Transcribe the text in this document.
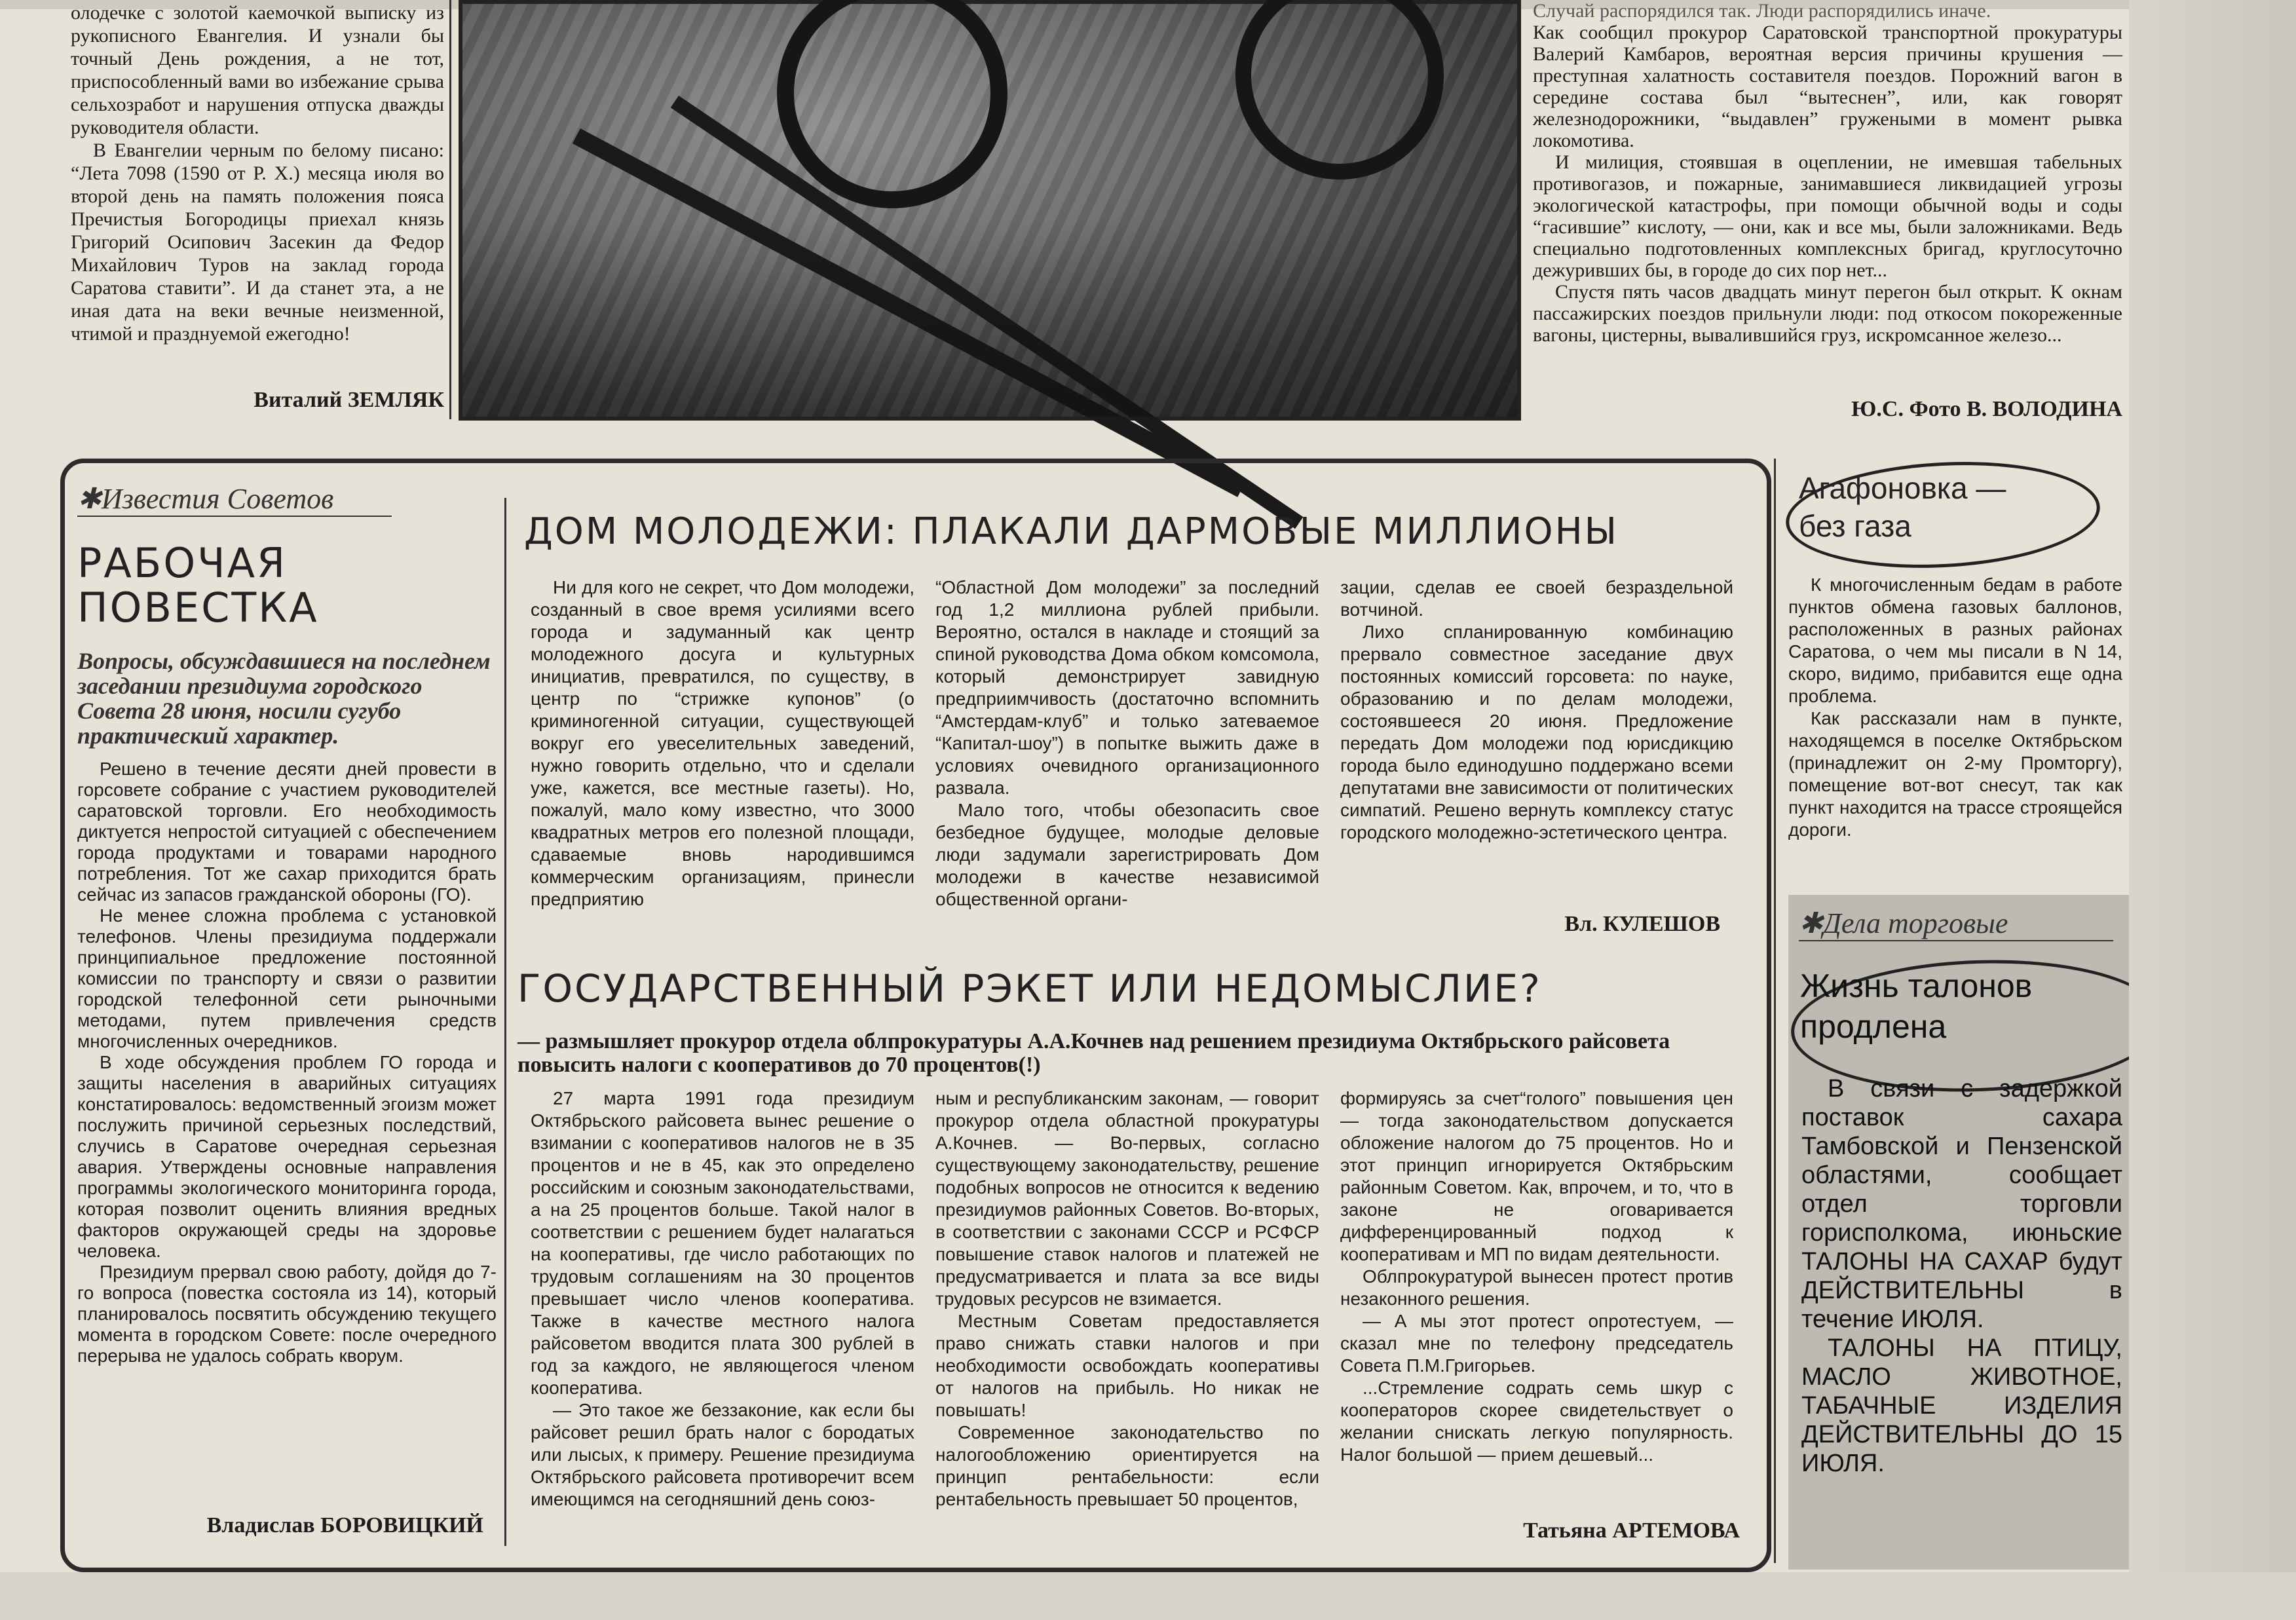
олодечке с золотой каемочкой выписку из рукописного Евангелия. И узнали бы точный День рождения, а не тот, приспособленный вами во избежание срыва сельхозработ и нарушения отпуска дважды руководителя области.

В Евангелии черным по белому писано: “Лета 7098 (1590 от Р. Х.) месяца июля во второй день на память положения пояса Пречистыя Богородицы приехал князь Григорий Осипович Засекин да Федор Михайлович Туров на заклад города Саратова ставити”. И да станет эта, а не иная дата на веки вечные неизменной, чтимой и празднуемой ежегодно!

Виталий ЗЕМЛЯК

Случай распорядился так. Люди распорядились иначе.

Как сообщил прокурор Саратовской транспортной прокуратуры Валерий Камбаров, вероятная версия причины крушения — преступная халатность составителя поездов. Порожний вагон в середине состава был “вытеснен”, или, как говорят железнодорожники, “выдавлен” гружеными в момент рывка локомотива.

И милиция, стоявшая в оцеплении, не имевшая табельных противогазов, и пожарные, занимавшиеся ликвидацией угрозы экологической катастрофы, при помощи обычной воды и соды “гасившие” кислоту, — они, как и все мы, были заложниками. Ведь специально подготовленных комплексных бригад, круглосуточно дежуривших бы, в городе до сих пор нет...

Спустя пять часов двадцать минут перегон был открыт. К окнам пассажирских поездов прильнули люди: под откосом покореженные вагоны, цистерны, вывалившийся груз, искромсанное железо...

Ю.С. Фото В. ВОЛОДИНА
✱Известия Советов
РАБОЧАЯ
ПОВЕСТКА
Вопросы, обсуждавшиеся на последнем заседании президиума городского Совета 28 июня, носили сугубо практический характер.

Решено в течение десяти дней провести в горсовете собрание с участием руководителей саратовской торговли. Его необходимость диктуется непростой ситуацией с обеспечением города продуктами и товарами народного потребления. Тот же сахар приходится брать сейчас из запасов гражданской обороны (ГО).

Не менее сложна проблема с установкой телефонов. Члены президиума поддержали принципиальное предложение постоянной комиссии по транспорту и связи о развитии городской телефонной сети рыночными методами, путем привлечения средств многочисленных очередников.

В ходе обсуждения проблем ГО города и защиты населения в аварийных ситуациях констатировалось: ведомственный эгоизм может послужить причиной серьезных последствий, случись в Саратове очередная серьезная авария. Утверждены основные направления программы экологического мониторинга города, которая позволит оценить влияния вредных факторов окружающей среды на здоровье человека.

Президиум прервал свою работу, дойдя до 7-го вопроса (повестка состояла из 14), который планировалось посвятить обсуждению текущего момента в городском Совете: после очередного перерыва не удалось собрать кворум.

Владислав БОРОВИЦКИЙ
ДОМ МОЛОДЕЖИ: ПЛАКАЛИ ДАРМОВЫЕ МИЛЛИОНЫ

Ни для кого не секрет, что Дом молодежи, созданный в свое время усилиями всего города и задуманный как центр молодежного досуга и культурных инициатив, превратился, по существу, в центр по “стрижке купонов” (о криминогенной ситуации, существующей вокруг его увеселительных заведений, нужно говорить отдельно, что и сделали уже, кажется, все местные газеты). Но, пожалуй, мало кому известно, что 3000 квадратных метров его полезной площади, сдаваемые вновь народившимся коммерческим организациям, принесли предприятию

“Областной Дом молодежи” за последний год 1,2 миллиона рублей прибыли. Вероятно, остался в накладе и стоящий за спиной руководства Дома обком комсомола, который демонстрирует завидную предприимчивость (достаточно вспомнить “Амстердам-клуб” и только затеваемое “Капитал-шоу”) в попытке выжить даже в условиях очевидного организационного развала.

Мало того, чтобы обезопасить свое безбедное будущее, молодые деловые люди задумали зарегистрировать Дом молодежи в качестве независимой общественной органи-

зации, сделав ее своей безраздельной вотчиной.

Лихо спланированную комбинацию прервало совместное заседание двух постоянных комиссий горсовета: по науке, образованию и по делам молодежи, состоявшееся 20 июня. Предложение передать Дом молодежи под юрисдикцию города было единодушно поддержано всеми депутатами вне зависимости от политических симпатий. Решено вернуть комплексу статус городского молодежно-эстетического центра.

Вл. КУЛЕШОВ
ГОСУДАРСТВЕННЫЙ РЭКЕТ ИЛИ НЕДОМЫСЛИЕ?
— размышляет прокурор отдела облпрокуратуры А.А.Кочнев над решением президиума Октябрьского райсовета повысить налоги с кооперативов до 70 процентов(!)

27 марта 1991 года президиум Октябрьского райсовета вынес решение о взимании с кооперативов налогов не в 35 процентов и не в 45, как это определено российским и союзным законодательствами, а на 25 процентов больше. Такой налог в соответствии с решением будет налагаться на кооперативы, где число работающих по трудовым соглашениям на 30 процентов превышает число членов кооператива. Также в качестве местного налога райсоветом вводится плата 300 рублей в год за каждого, не являющегося членом кооператива.

— Это такое же беззаконие, как если бы райсовет решил брать налог с бородатых или лысых, к примеру. Решение президиума Октябрьского райсовета противоречит всем имеющимся на сегодняшний день союз-

ным и республиканским законам, — говорит прокурор отдела областной прокуратуры А.Кочнев. — Во-первых, согласно существующему законодательству, решение подобных вопросов не относится к ведению президиумов районных Советов. Во-вторых, в соответствии с законами СССР и РСФСР повышение ставок налогов и платежей не предусматривается и плата за все виды трудовых ресурсов не взимается.

Местным Советам предоставляется право снижать ставки налогов и при необходимости освобождать кооперативы от налогов на прибыль. Но никак не повышать!

Современное законодательство по налогообложению ориентируется на принцип рентабельности: если рентабельность превышает 50 процентов,

формируясь за счет“голого” повышения цен — тогда законодательством допускается обложение налогом до 75 процентов. Но и этот принцип игнорируется Октябрьским районным Советом. Как, впрочем, и то, что в законе не оговаривается дифференцированный подход к кооперативам и МП по видам деятельности.

Облпрокуратурой вынесен протест против незаконного решения.

— А мы этот протест опротестуем, — сказал мне по телефону председатель Совета П.М.Григорьев.

...Стремление содрать семь шкур с кооператоров скорее свидетельствует о желании снискать легкую популярность. Налог большой — прием дешевый...

Татьяна АРТЕМОВА
Агафоновка —
без газа

К многочисленным бедам в работе пунктов обмена газовых баллонов, расположенных в разных районах Саратова, о чем мы писали в N 14, скоро, видимо, прибавится еще одна проблема.

Как рассказали нам в пункте, находящемся в поселке Октябрьском (принадлежит он 2-му Промторгу), помещение вот-вот снесут, так как пункт находится на трассе строящейся дороги.

✱Дела торговые
Жизнь талонов
продлена

В связи с задержкой поставок сахара Тамбовской и Пензенской областями, сообщает отдел торговли горисполкома, июньские ТАЛОНЫ НА САХАР будут ДЕЙСТВИТЕЛЬНЫ в течение ИЮЛЯ.

ТАЛОНЫ НА ПТИЦУ, МАСЛО ЖИВОТНОЕ, ТАБАЧНЫЕ ИЗДЕЛИЯ ДЕЙСТВИТЕЛЬНЫ ДО 15 ИЮЛЯ.
